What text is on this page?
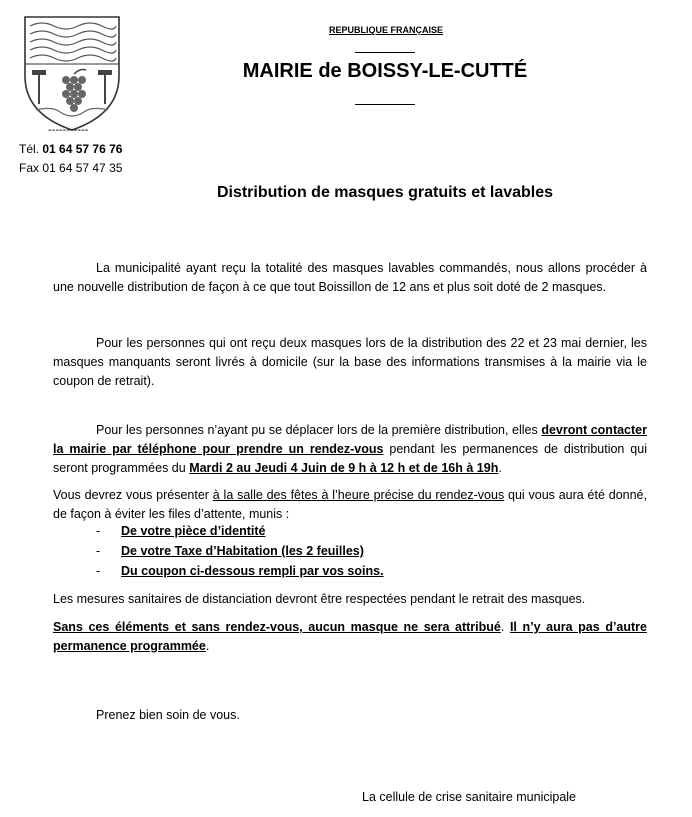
-----------
Tél. 01 64 57 76 76
Fax 01 64 57 47 35
REPUBLIQUE FRANÇAISE
MAIRIE de BOISSY-LE-CUTTÉ
Distribution de masques gratuits et lavables
La municipalité ayant reçu la totalité des masques lavables commandés, nous allons procéder à une nouvelle distribution de façon à ce que tout Boissillon de 12 ans et plus soit doté de 2 masques.
Pour les personnes qui ont reçu deux masques lors de la distribution des 22 et 23 mai dernier, les masques manquants seront livrés à domicile (sur la base des informations transmises à la mairie via le coupon de retrait).
Pour les personnes n’ayant pu se déplacer lors de la première distribution, elles devront contacter la mairie par téléphone pour prendre un rendez-vous pendant les permanences de distribution qui seront programmées du Mardi 2 au Jeudi 4 Juin de 9 h à 12 h et de 16h à 19h.
Vous devrez vous présenter à la salle des fêtes à l’heure précise du rendez-vous qui vous aura été donné, de façon à éviter les files d’attente, munis :
- De votre pièce d’identité
- De votre Taxe d’Habitation (les 2 feuilles)
- Du coupon ci-dessous rempli par vos soins.
Les mesures sanitaires de distanciation devront être respectées pendant le retrait des masques.
Sans ces éléments et sans rendez-vous, aucun masque ne sera attribué. Il n’y aura pas d’autre permanence programmée.
Prenez bien soin de vous.
La cellule de crise sanitaire municipale
